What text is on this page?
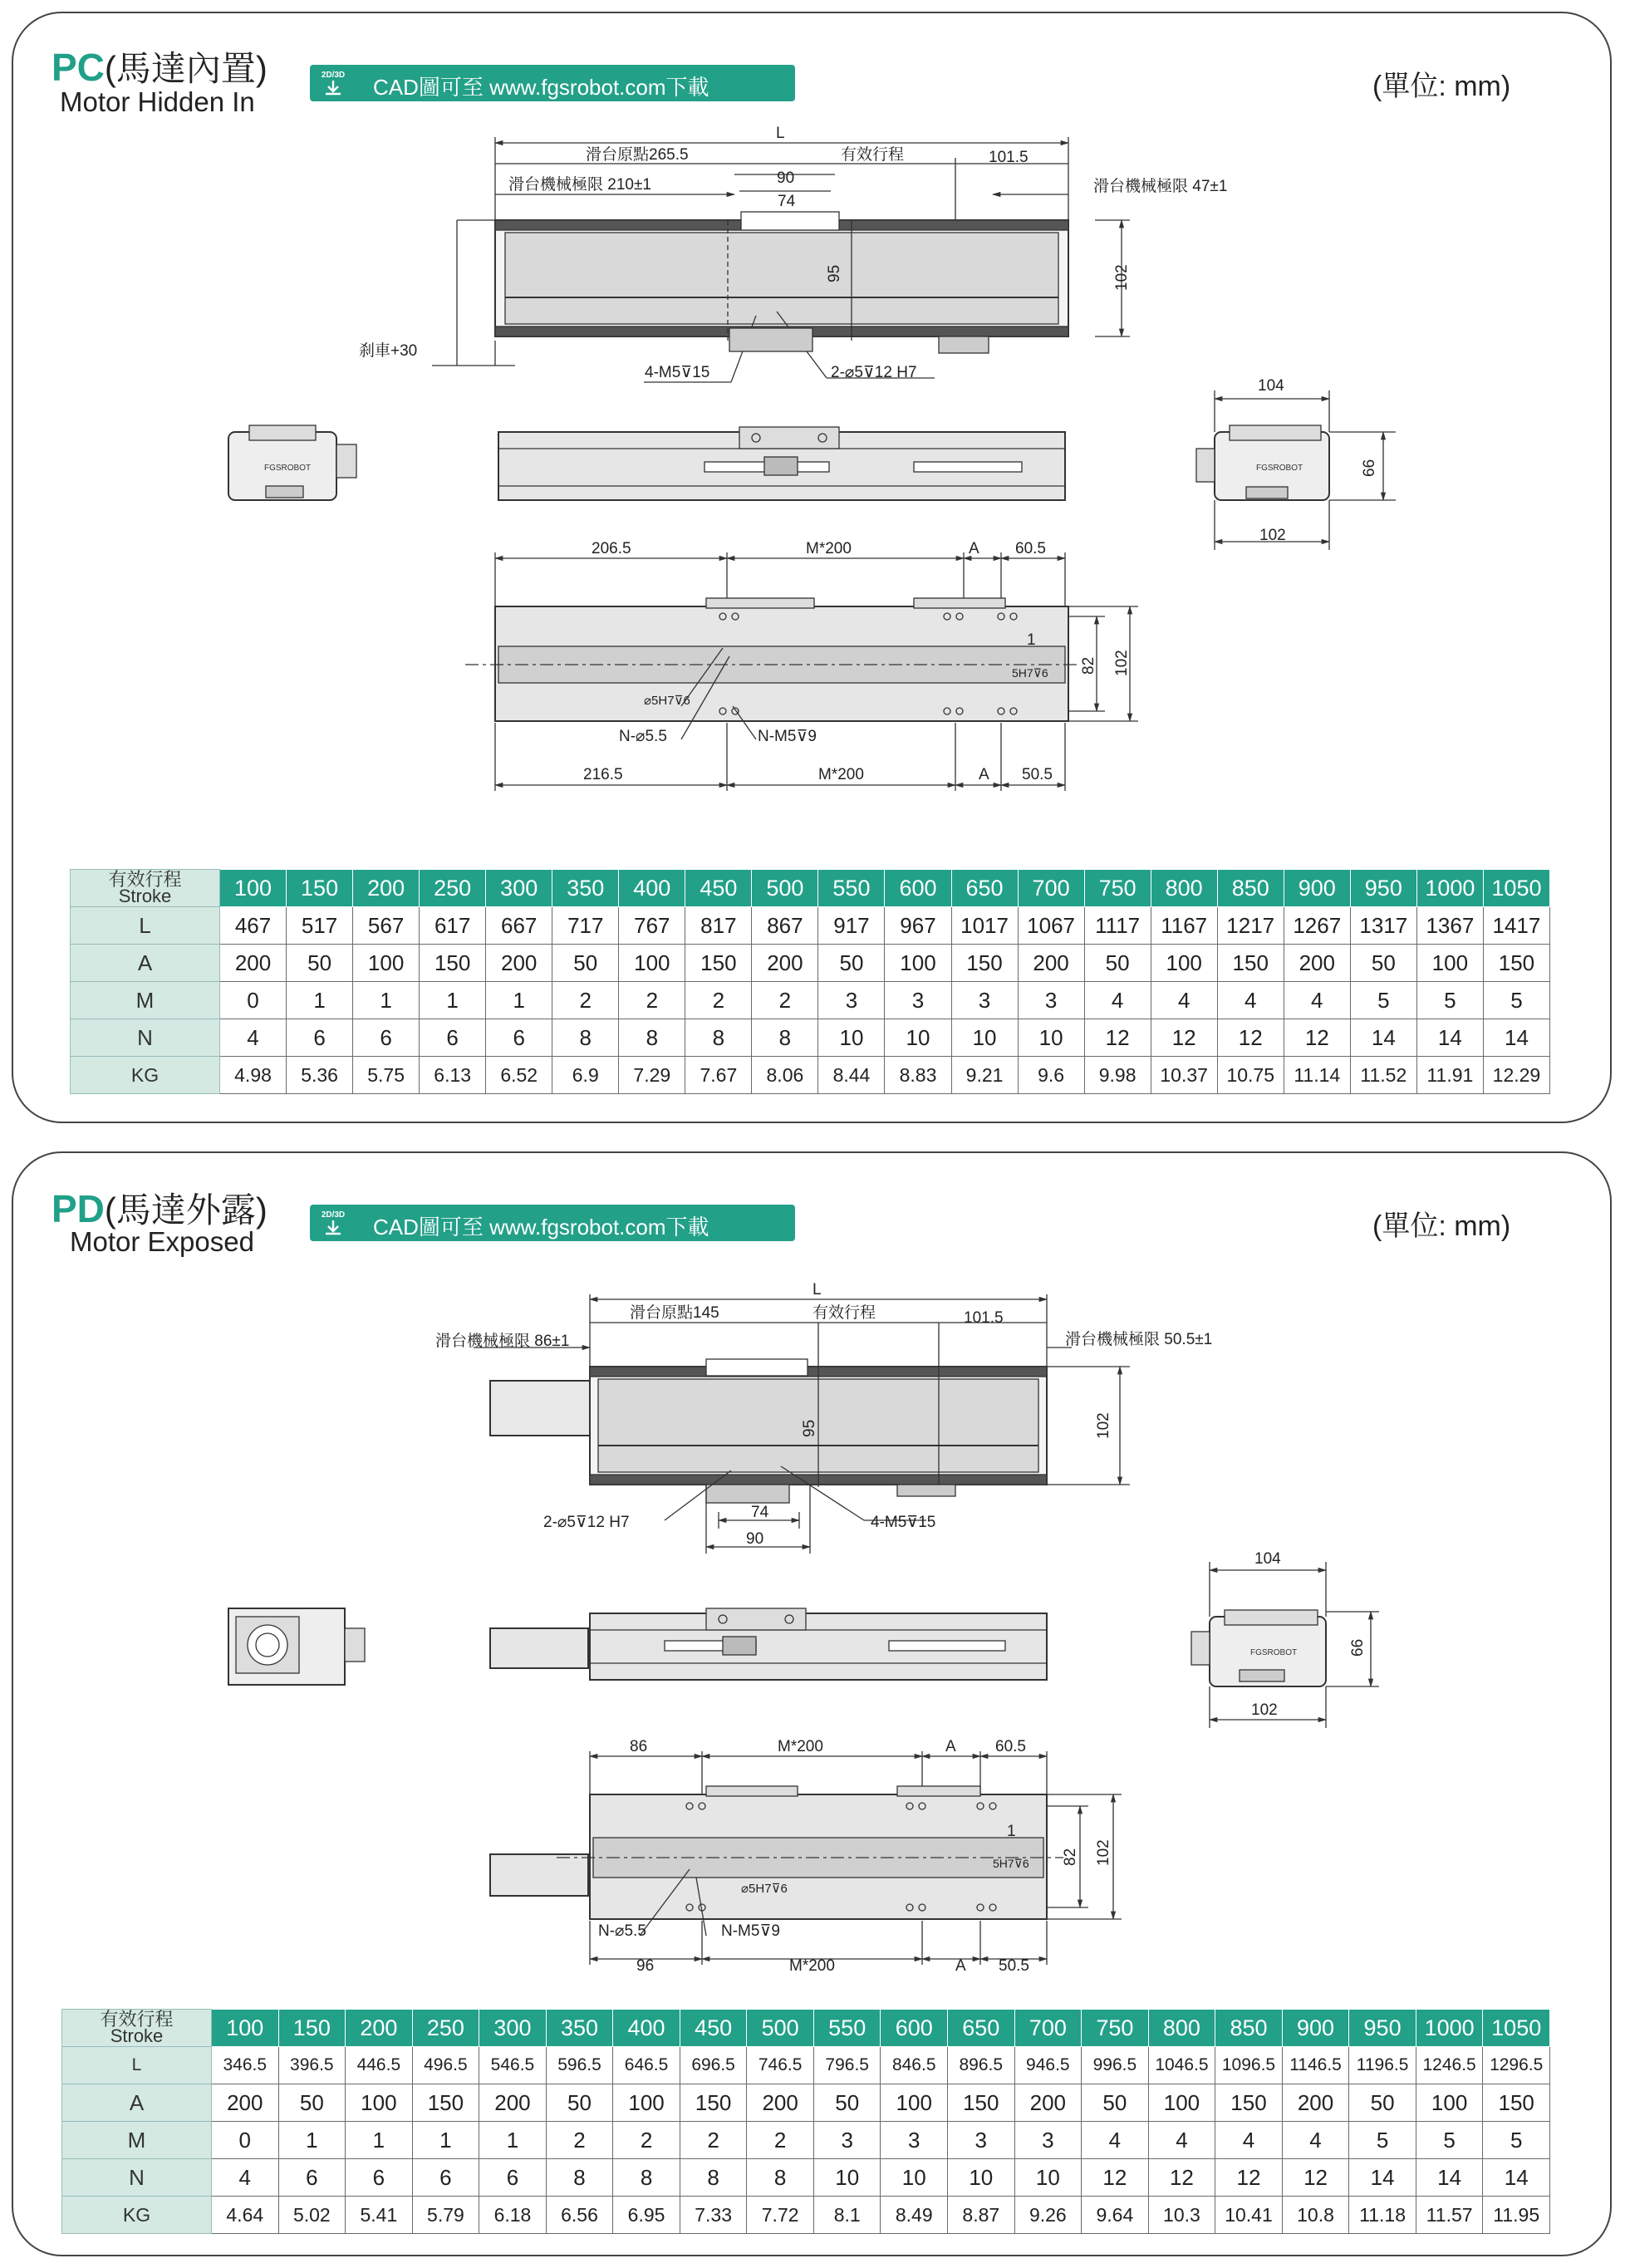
PC(馬達內置)
Motor Hidden In
2D/3D CAD圖可至 www.fgsrobot.com下載	(單位: mm)
L
滑台原點265.5	有效行程	101.5
90
74
滑台機械極限 210±1	滑台機械極限 47±1
95	102
刹車+30
4-M5⊽15	2-⌀5⊽12 H7
FGSROBOT	FGSROBOT
104
66
102
206.5	M*200	A 60.5
1
5H7⊽6 82 102
⌀5H7⊽6
N-⌀5.5	N-M5⊽9
216.5	M*200	A 50.5
有效行程
Stroke	100	150	200	250	300	350	400	450	500	550	600	650	700	750	800	850	900	950	1000	1050
L	467	517	567	617	667	717	767	817	867	917	967	1017	1067	1117	1167	1217	1267	1317	1367	1417
A	200	50	100	150	200	50	100	150	200	50	100	150	200	50	100	150	200	50	100	150
M	0	1	1	1	1	2	2	2	2	3	3	3	3	4	4	4	4	5	5	5
N	4	6	6	6	6	8	8	8	8	10	10	10	10	12	12	12	12	14	14	14
KG	4.98	5.36	5.75	6.13	6.52	6.9	7.29	7.67	8.06	8.44	8.83	9.21	9.6	9.98	10.37	10.75	11.14	11.52	11.91	12.29
PD(馬達外露)
Motor Exposed
2D/3D CAD圖可至 www.fgsrobot.com下載	(單位: mm)
L
滑台原點145	有效行程	101.5
滑台機械極限 86±1	滑台機械極限 50.5±1
95	102
2-⌀5⊽12 H7	4-M5⊽15
74
90
FGSROBOT
104
66
102
86	M*200	A 60.5
1
5H7⊽6 82 102
⌀5H7⊽6
N-⌀5.5	N-M5⊽9
96	M*200	A 50.5
有效行程
Stroke	100	150	200	250	300	350	400	450	500	550	600	650	700	750	800	850	900	950	1000	1050
L	346.5	396.5	446.5	496.5	546.5	596.5	646.5	696.5	746.5	796.5	846.5	896.5	946.5	996.5	1046.5	1096.5	1146.5	1196.5	1246.5	1296.5
A	200	50	100	150	200	50	100	150	200	50	100	150	200	50	100	150	200	50	100	150
M	0	1	1	1	1	2	2	2	2	3	3	3	3	4	4	4	4	5	5	5
N	4	6	6	6	6	8	8	8	8	10	10	10	10	12	12	12	12	14	14	14
KG	4.64	5.02	5.41	5.79	6.18	6.56	6.95	7.33	7.72	8.1	8.49	8.87	9.26	9.64	10.3	10.41	10.8	11.18	11.57	11.95
